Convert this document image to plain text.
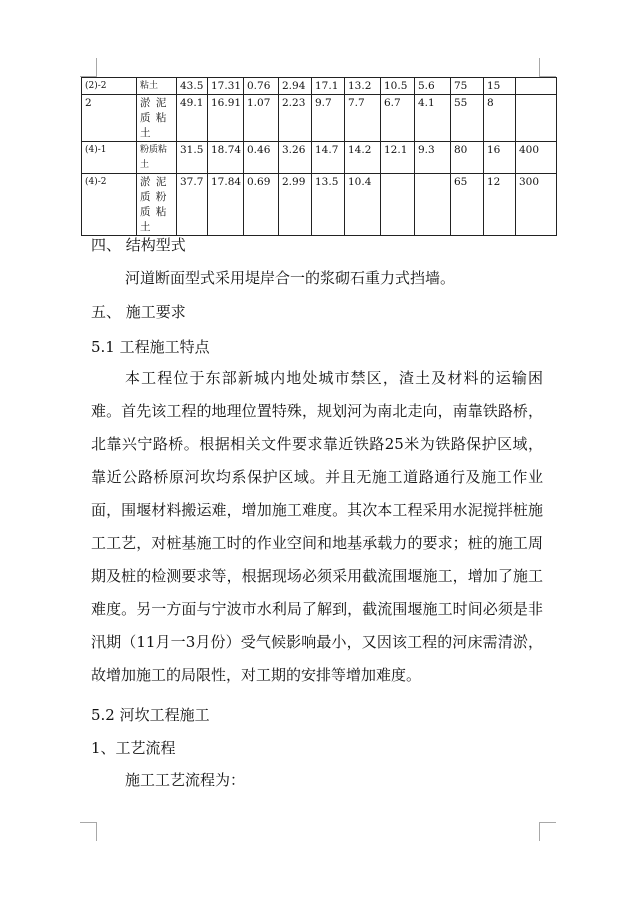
(2)-2	粘土	43.5	17.31	0.76	2.94	17.1	13.2	10.5	5.6	75	15	
2	淤 泥 质 粘土	49.1	16.91	1.07	2.23	9.7	7.7	6.7	4.1	55	8	
(4)-1	粉质粘土	31.5	18.74	0.46	3.26	14.7	14.2	12.1	9.3	80	16	400
(4)-2	淤 泥 质 粉 质 粘 土	37.7	17.84	0.69	2.99	13.5	10.4			65	12	300
四、 结构型式
河道断面型式采用堤岸合一的浆砌石重力式挡墙。
五、 施工要求
5.1 工程施工特点
本工程位于东部新城内地处城市禁区，渣土及材料的运输困难。首先该工程的地理位置特殊，规划河为南北走向，南靠铁路桥，北靠兴宁路桥。根据相关文件要求靠近铁路25米为铁路保护区域，靠近公路桥原河坎均系保护区域。并且无施工道路通行及施工作业面，围堰材料搬运难，增加施工难度。其次本工程采用水泥搅拌桩施工工艺，对桩基施工时的作业空间和地基承载力的要求；桩的施工周期及桩的检测要求等，根据现场必须采用截流围堰施工，增加了施工难度。另一方面与宁波市水利局了解到，截流围堰施工时间必须是非汛期（11月一3月份）受气候影响最小，又因该工程的河床需清淤，故增加施工的局限性，对工期的安排等增加难度。
5.2 河坎工程施工
1、工艺流程
施工工艺流程为：
